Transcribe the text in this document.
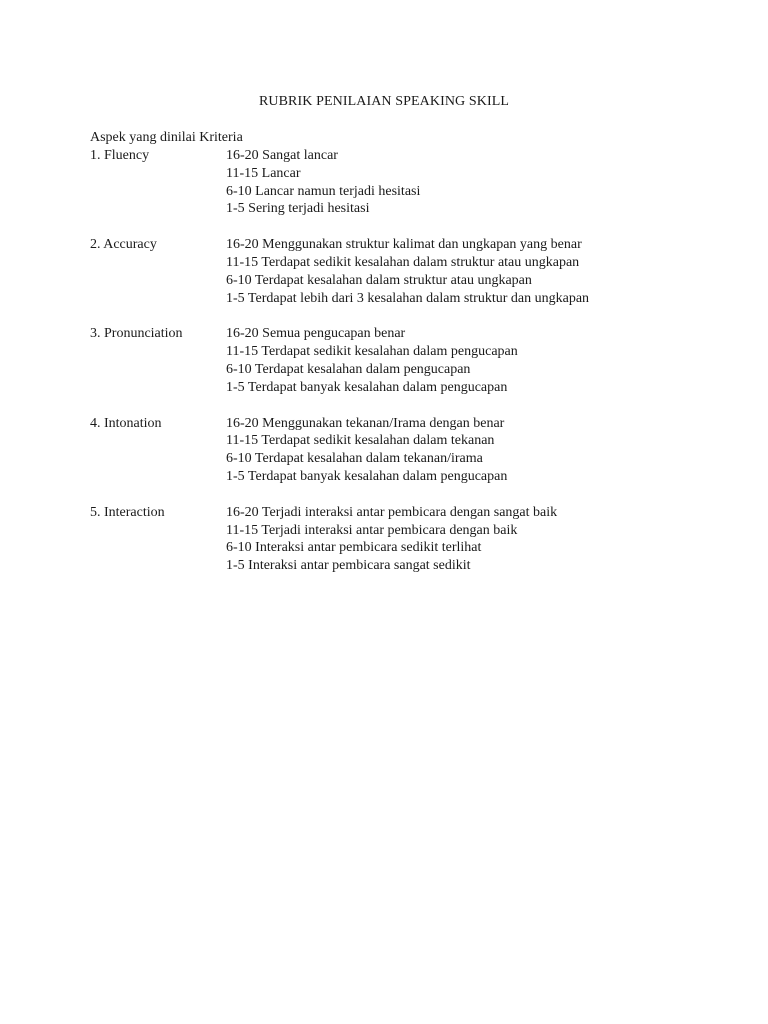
RUBRIK PENILAIAN SPEAKING SKILL
Aspek yang dinilai Kriteria
1. Fluency	16-20 Sangat lancar
11-15 Lancar
6-10 Lancar namun terjadi hesitasi
1-5 Sering terjadi hesitasi
2. Accuracy	16-20 Menggunakan struktur kalimat dan ungkapan yang benar
11-15 Terdapat sedikit kesalahan dalam struktur atau ungkapan
6-10 Terdapat kesalahan dalam struktur atau ungkapan
1-5 Terdapat lebih dari 3 kesalahan dalam struktur dan ungkapan
3. Pronunciation	16-20 Semua pengucapan benar
11-15 Terdapat sedikit kesalahan dalam pengucapan
6-10 Terdapat kesalahan dalam pengucapan
1-5 Terdapat banyak kesalahan dalam pengucapan
4. Intonation	16-20 Menggunakan tekanan/Irama dengan benar
11-15 Terdapat sedikit kesalahan dalam tekanan
6-10 Terdapat kesalahan dalam tekanan/irama
1-5 Terdapat banyak kesalahan dalam pengucapan
5. Interaction	16-20 Terjadi interaksi antar pembicara dengan sangat baik
11-15 Terjadi interaksi antar pembicara dengan baik
6-10 Interaksi antar pembicara sedikit terlihat
1-5 Interaksi antar pembicara sangat sedikit
